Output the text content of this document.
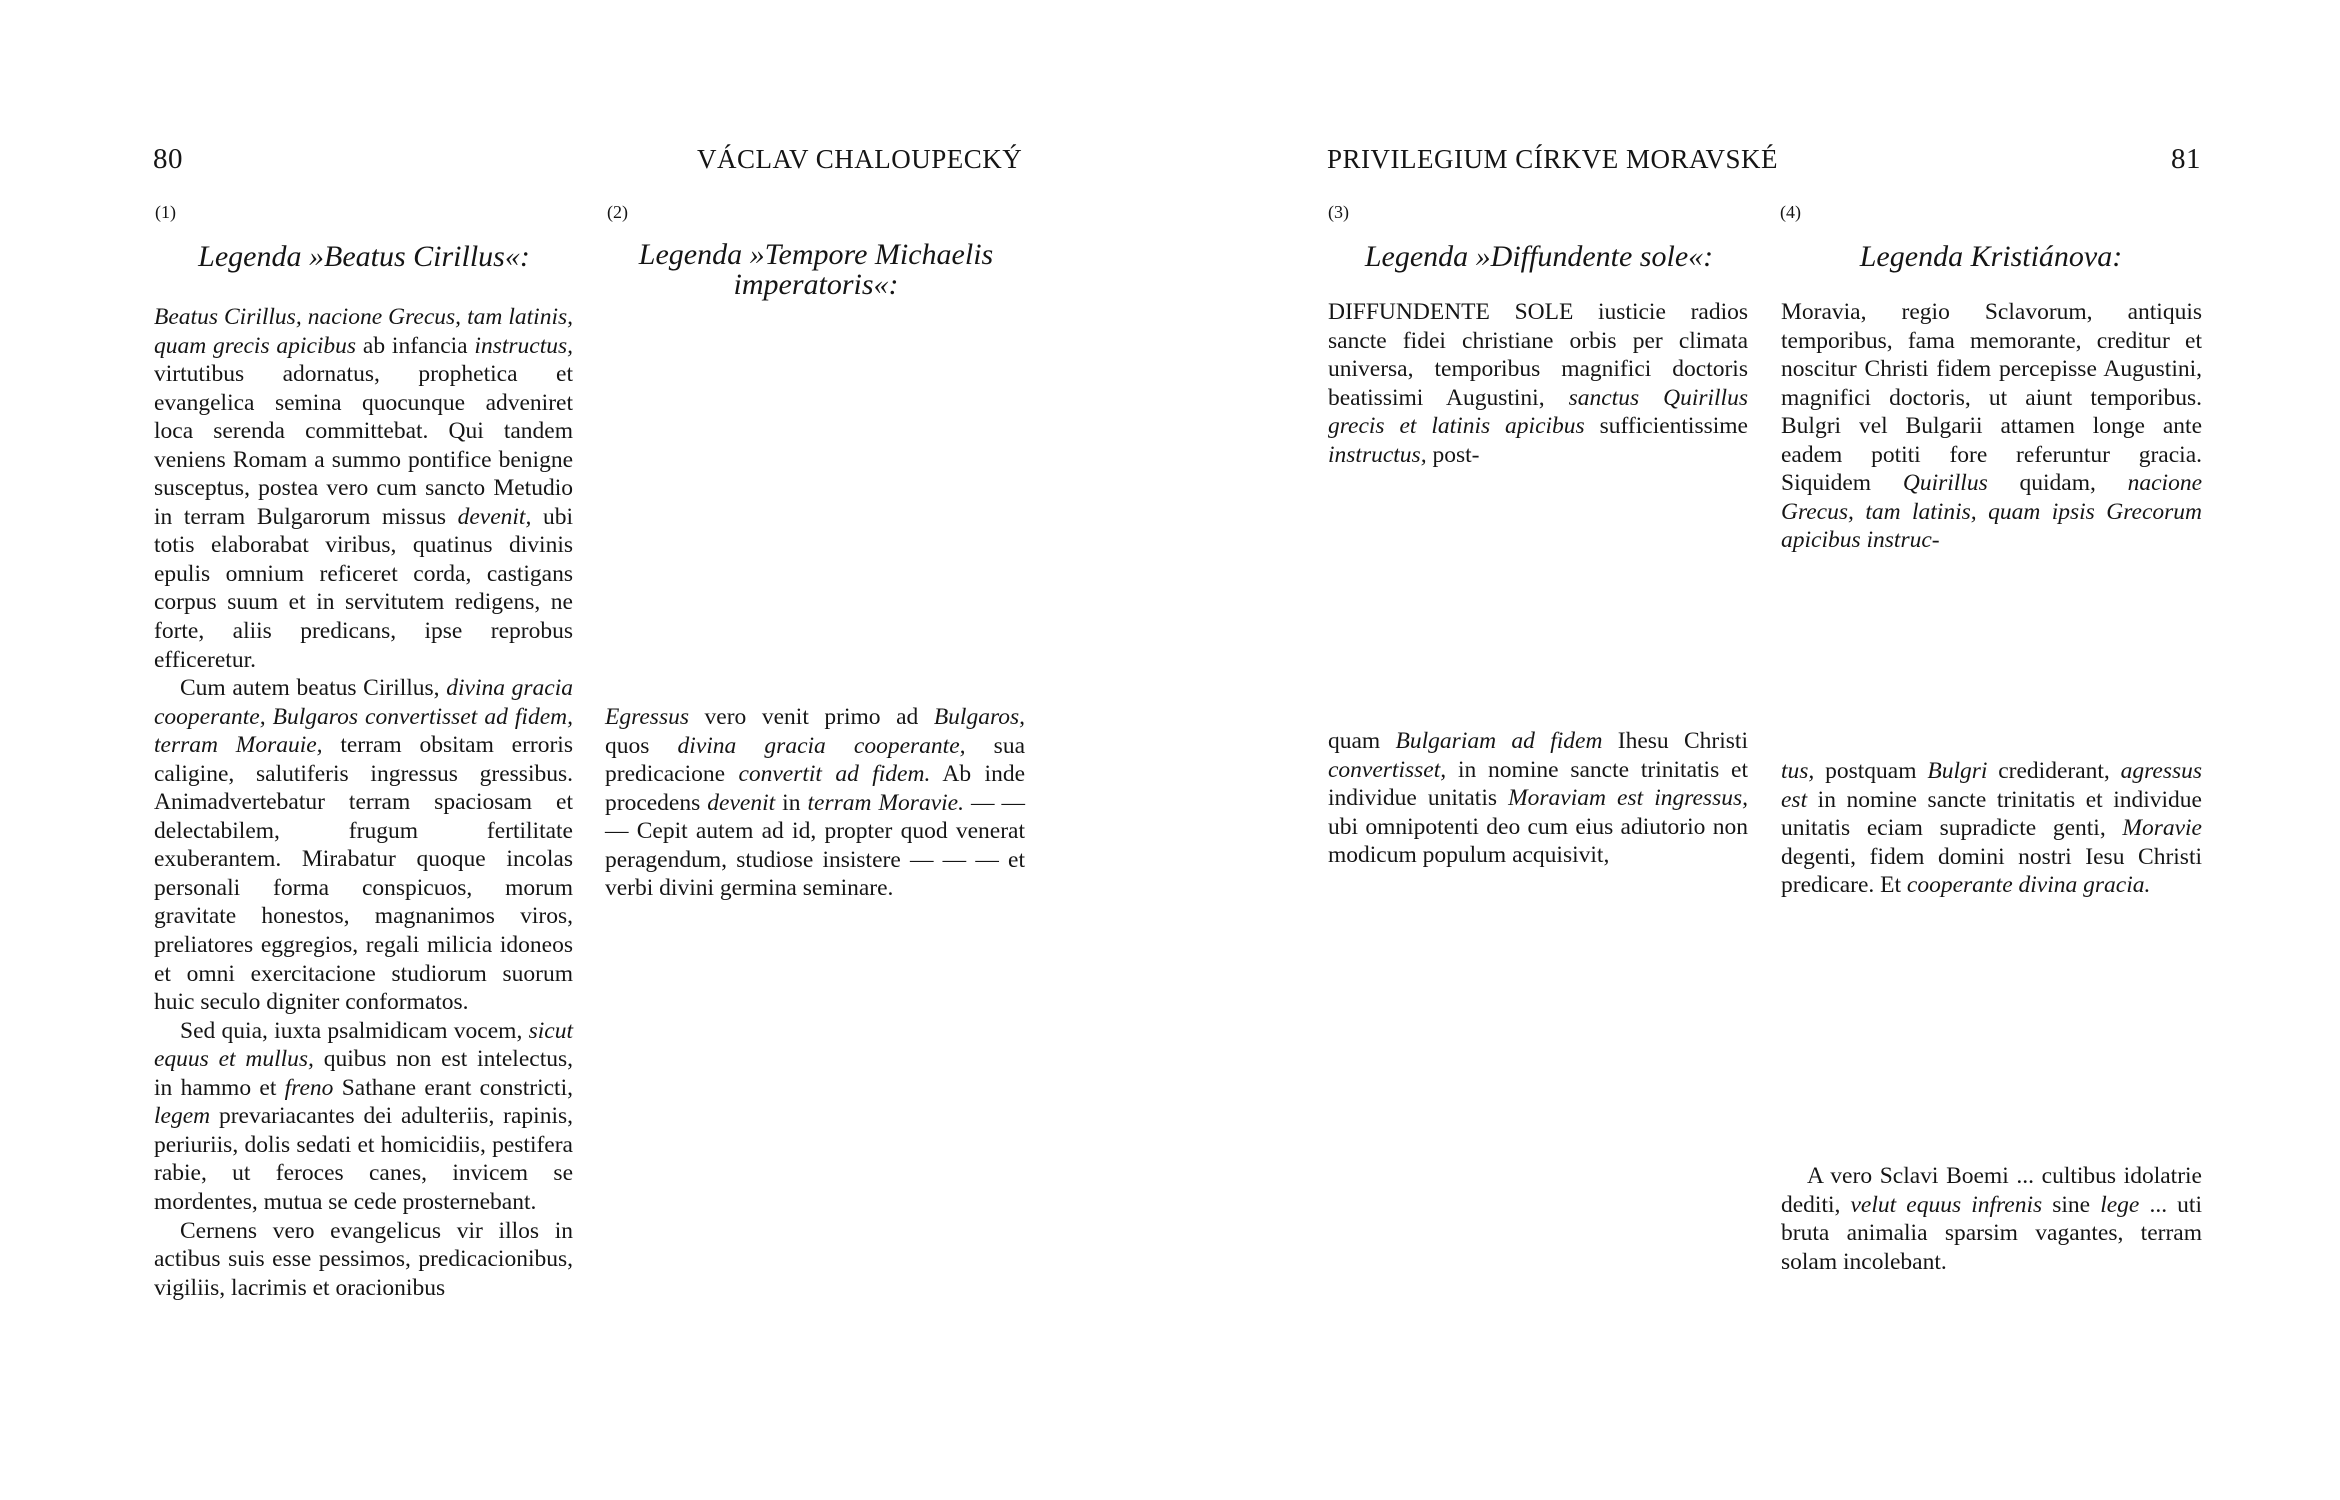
80	VÁCLAV CHALOUPECKÝ	PRIVILEGIUM CÍRKVE MORAVSKÉ	81
(1)	(2)	(3)	(4)
Legenda »Beatus Cirillus«:	Legenda »Tempore Michaelis imperatoris«:
Legenda »Diffundente sole«:	Legenda Kristiánova:

Beatus Cirillus, nacione Grecus, tam latinis, quam grecis apicibus ab infancia instructus, virtutibus adornatus, prophetica et evangelica semina quocunque adveniret loca serenda committebat. Qui tandem veniens Romam a summo pontifice benigne susceptus, postea vero cum sancto Metudio in terram Bulgarorum missus devenit, ubi totis elaborabat viribus, quatinus divinis epulis omnium reficeret corda, castigans corpus suum et in servitutem redigens, ne forte, aliis predicans, ipse reprobus efficeretur.

Cum autem beatus Cirillus, divina gracia cooperante, Bulgaros convertisset ad fidem, terram Morauie, terram obsitam erroris caligine, salutiferis ingressus gressibus. Animadvertebatur terram spaciosam et delectabilem, frugum fertilitate exuberantem. Mirabatur quoque incolas personali forma conspicuos, morum gravitate honestos, magnanimos viros, preliatores eggregios, regali milicia idoneos et omni exercitacione studiorum suorum huic seculo digniter conformatos.

Sed quia, iuxta psalmidicam vocem, sicut equus et mullus, quibus non est intelectus, in hammo et freno Sathane erant constricti, legem prevariacantes dei adulteriis, rapinis, periuriis, dolis sedati et homicidiis, pestifera rabie, ut feroces canes, invicem se mordentes, mutua se cede prosternebant.

Cernens vero evangelicus vir illos in actibus suis esse pessimos, predicacionibus, vigiliis, lacrimis et oracionibus

Egressus vero venit primo ad Bulgaros, quos divina gracia cooperante, sua predicacione convertit ad fidem. Ab inde procedens devenit in terram Moravie. — — — Cepit autem ad id, propter quod venerat peragendum, studiose insistere — — — et verbi divini germina seminare.

DIFFUNDENTE SOLE iusticie radios sancte fidei christiane orbis per climata universa, temporibus magnifici doctoris beatissimi Augustini, sanctus Quirillus grecis et latinis apicibus sufficientissime instructus, post-

quam Bulgariam ad fidem Ihesu Christi convertisset, in nomine sancte trinitatis et individue unitatis Moraviam est ingressus, ubi omnipotenti deo cum eius adiutorio non modicum populum acquisivit,

Moravia, regio Sclavorum, antiquis temporibus, fama memorante, creditur et noscitur Christi fidem percepisse Augustini, magnifici doctoris, ut aiunt temporibus. Bulgri vel Bulgarii attamen longe ante eadem potiti fore referuntur gracia. Siquidem Quirillus quidam, nacione Grecus, tam latinis, quam ipsis Grecorum apicibus instruc-

tus, postquam Bulgri crediderant, agressus est in nomine sancte trinitatis et individue unitatis eciam supradicte genti, Moravie degenti, fidem domini nostri Iesu Christi predicare. Et cooperante divina gracia.

A vero Sclavi Boemi ... cultibus idolatrie dediti, velut equus infrenis sine lege ... uti bruta animalia sparsim vagantes, terram solam incolebant.
